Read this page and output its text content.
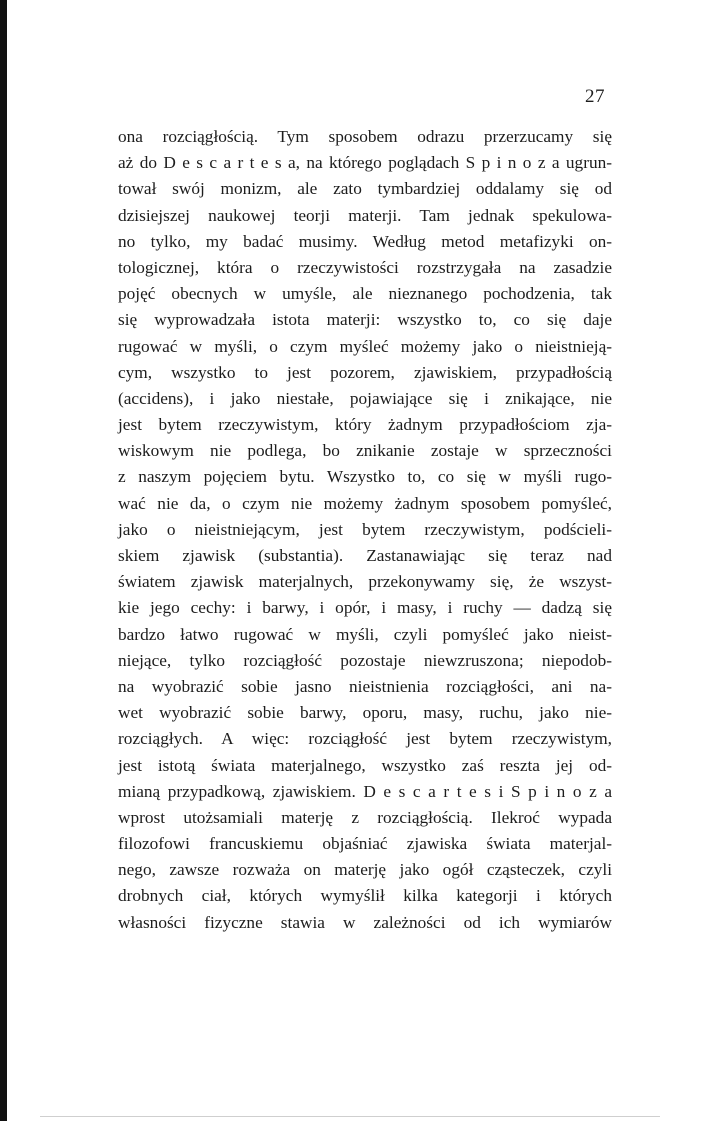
27
ona rozciągłością. Tym sposobem odrazu przerzucamy się
aż do D e s c a r t e s a, na którego poglądach S p i n o z a ugrun-
tował swój monizm, ale zato tymbardziej oddalamy się od
dzisiejszej naukowej teorji materji. Tam jednak spekulowa-
no tylko, my badać musimy. Według metod metafizyki on-
tologicznej, która o rzeczywistości rozstrzygała na zasadzie
pojęć obecnych w umyśle, ale nieznanego pochodzenia, tak
się wyprowadzała istota materji: wszystko to, co się daje
rugować w myśli, o czym myśleć możemy jako o nieistnieją-
cym, wszystko to jest pozorem, zjawiskiem, przypadłością
(accidens), i jako niestałe, pojawiające się i znikające, nie
jest bytem rzeczywistym, który żadnym przypadłościom zja-
wiskowym nie podlega, bo znikanie zostaje w sprzeczności
z naszym pojęciem bytu. Wszystko to, co się w myśli rugo-
wać nie da, o czym nie możemy żadnym sposobem pomyśleć,
jako o nieistniejącym, jest bytem rzeczywistym, podścieli-
skiem zjawisk (substantia). Zastanawiając się teraz nad
światem zjawisk materjalnych, przekonywamy się, że wszyst-
kie jego cechy: i barwy, i opór, i masy, i ruchy — dadzą się
bardzo łatwo rugować w myśli, czyli pomyśleć jako nieist-
niejące, tylko rozciągłość pozostaje niewzruszona; niepodob-
na wyobrazić sobie jasno nieistnienia rozciągłości, ani na-
wet wyobrazić sobie barwy, oporu, masy, ruchu, jako nie-
rozciągłych. A więc: rozciągłość jest bytem rzeczywistym,
jest istotą świata materjalnego, wszystko zaś reszta jej od-
mianą przypadkową, zjawiskiem. D e s c a r t e s i S p i n o z a
wprost utożsamiali materję z rozciągłością. Ilekroć wypada
filozofowi francuskiemu objaśniać zjawiska świata materjal-
nego, zawsze rozważa on materję jako ogół cząsteczek, czyli
drobnych ciał, których wymyślił kilka kategorji i których
własności fizyczne stawia w zależności od ich wymiarów
